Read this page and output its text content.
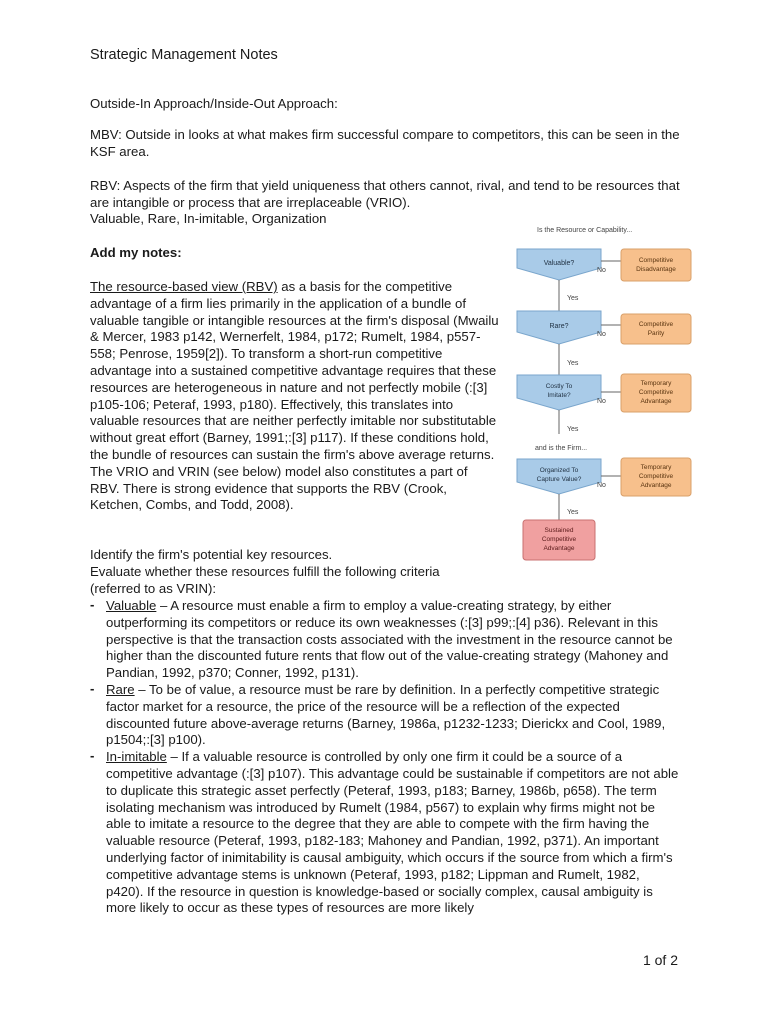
Strategic Management Notes
Outside-In Approach/Inside-Out Approach:
MBV: Outside in looks at what makes firm successful compare to competitors, this can be seen in the KSF area.
RBV: Aspects of the firm that yield uniqueness that others cannot, rival, and tend to be resources that are intangible or process that are irreplaceable (VRIO).
Valuable, Rare, In-imitable, Organization
Add my notes:
The resource-based view (RBV) as a basis for the competitive advantage of a firm lies primarily in the application of a bundle of valuable tangible or intangible resources at the firm's disposal (Mwailu & Mercer, 1983 p142, Wernerfelt, 1984, p172; Rumelt, 1984, p557-558; Penrose, 1959[2]). To transform a short-run competitive advantage into a sustained competitive advantage requires that these resources are heterogeneous in nature and not perfectly mobile (:[3] p105-106; Peteraf, 1993, p180). Effectively, this translates into valuable resources that are neither perfectly imitable nor substitutable without great effort (Barney, 1991;:[3] p117). If these conditions hold, the bundle of resources can sustain the firm's above average returns. The VRIO and VRIN (see below) model also constitutes a part of RBV. There is strong evidence that supports the RBV (Crook, Ketchen, Combs, and Todd, 2008).
Identify the firm's potential key resources.
Evaluate whether these resources fulfill the following criteria (referred to as VRIN):
- Valuable – A resource must enable a firm to employ a value-creating strategy, by either outperforming its competitors or reduce its own weaknesses (:[3] p99;:[4] p36). Relevant in this perspective is that the transaction costs associated with the investment in the resource cannot be higher than the discounted future rents that flow out of the value-creating strategy (Mahoney and Pandian, 1992, p370; Conner, 1992, p131).
- Rare – To be of value, a resource must be rare by definition. In a perfectly competitive strategic factor market for a resource, the price of the resource will be a reflection of the expected discounted future above-average returns (Barney, 1986a, p1232-1233; Dierickx and Cool, 1989, p1504;:[3] p100).
- In-imitable – If a valuable resource is controlled by only one firm it could be a source of a competitive advantage (:[3] p107). This advantage could be sustainable if competitors are not able to duplicate this strategic asset perfectly (Peteraf, 1993, p183; Barney, 1986b, p658). The term isolating mechanism was introduced by Rumelt (1984, p567) to explain why firms might not be able to imitate a resource to the degree that they are able to compete with the firm having the valuable resource (Peteraf, 1993, p182-183; Mahoney and Pandian, 1992, p371). An important underlying factor of inimitability is causal ambiguity, which occurs if the source from which a firm's competitive advantage stems is unknown (Peteraf, 1993, p182; Lippman and Rumelt, 1982, p420). If the resource in question is knowledge-based or socially complex, causal ambiguity is more likely to occur as these types of resources are more likely
Is the Resource or Capability...
Valuable?
No
Competitive
Disadvantage
Yes
Rare?
No
Competitive
Parity
Yes
Costly To
Imitate?
No
Temporary
Competitive
Advantage
Yes
and is the Firm...
Organized To
Capture Value?
No
Temporary
Competitive
Advantage
Yes
Sustained
Competitive
Advantage
1 of 2
